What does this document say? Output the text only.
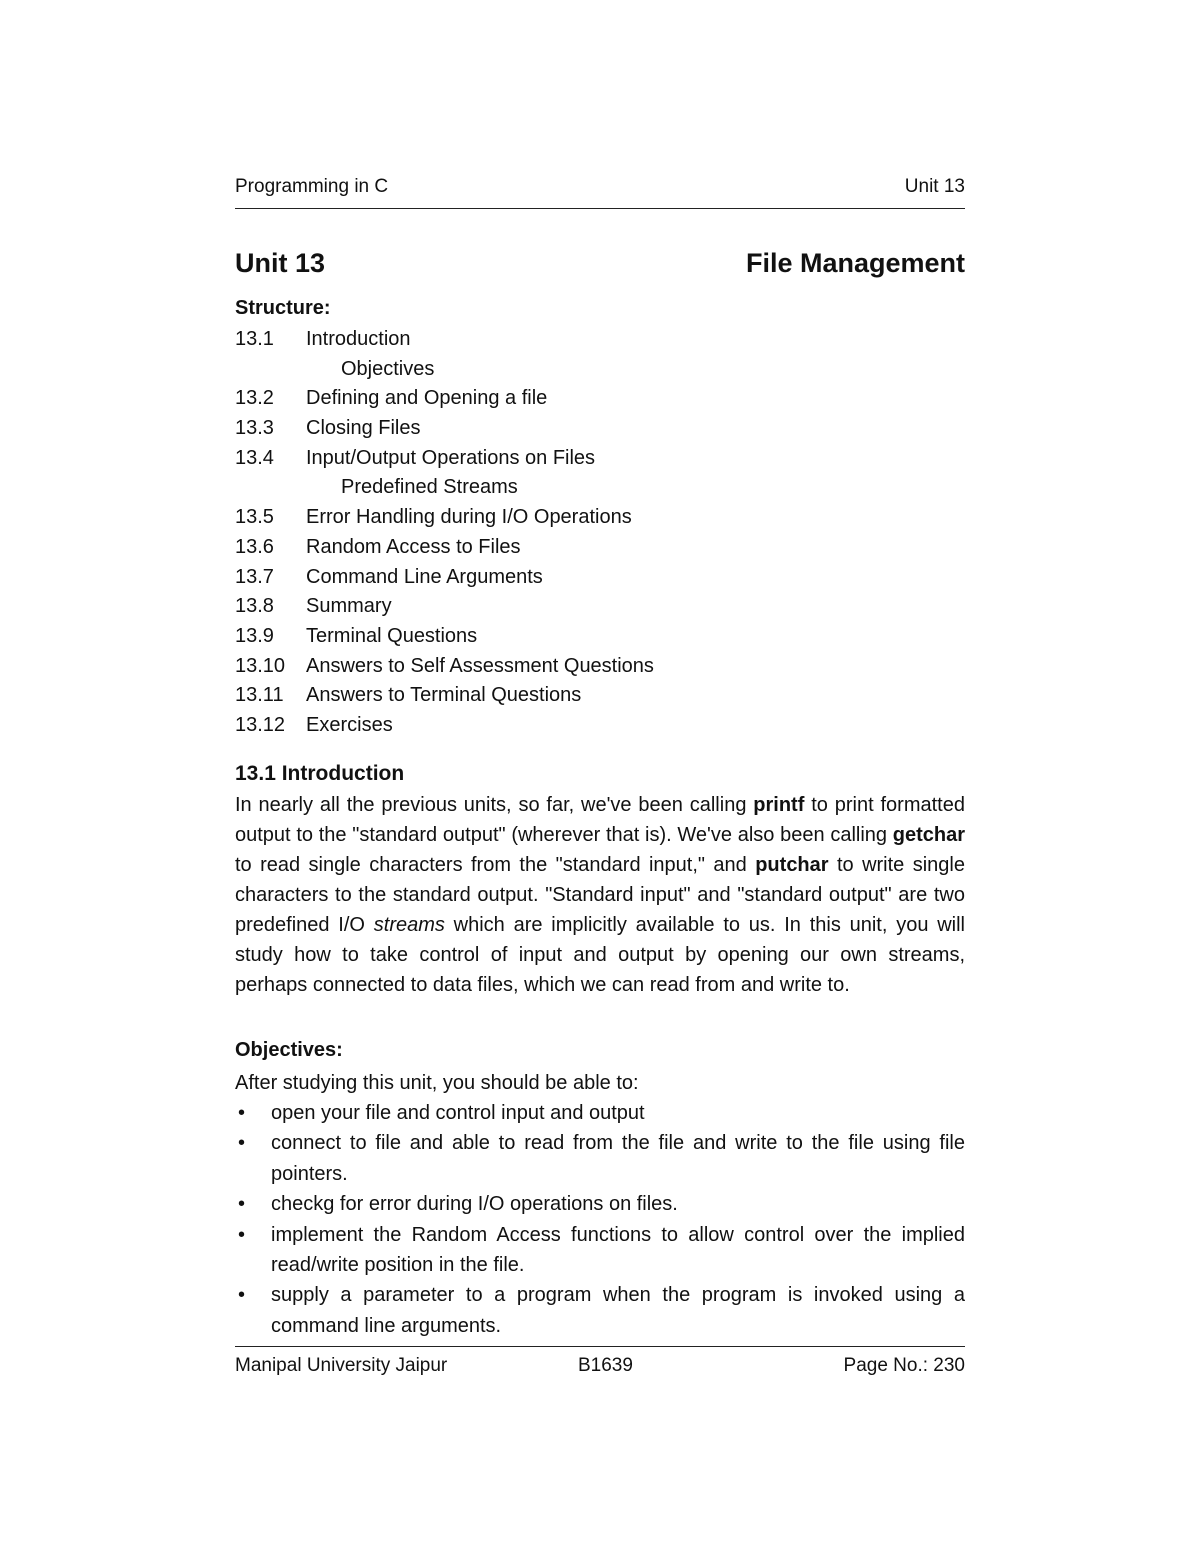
Programming in C	Unit 13
Unit 13	File Management
Structure:
13.1 Introduction
Objectives
13.2 Defining and Opening a file
13.3 Closing Files
13.4 Input/Output Operations on Files
Predefined Streams
13.5 Error Handling during I/O Operations
13.6 Random Access to Files
13.7 Command Line Arguments
13.8 Summary
13.9 Terminal Questions
13.10 Answers to Self Assessment Questions
13.11 Answers to Terminal Questions
13.12 Exercises
13.1 Introduction

In nearly all the previous units, so far, we've been calling printf to print formatted output to the "standard output" (wherever that is). We've also been calling getchar to read single characters from the "standard input," and putchar to write single characters to the standard output. "Standard input" and "standard output" are two predefined I/O streams which are implicitly available to us. In this unit, you will study how to take control of input and output by opening our own streams, perhaps connected to data files, which we can read from and write to.

Objectives:
After studying this unit, you should be able to:
• open your file and control input and output
• connect to file and able to read from the file and write to the file using file pointers.
• checkg for error during I/O operations on files.
• implement the Random Access functions to allow control over the implied read/write position in the file.
• supply a parameter to a program when the program is invoked using a command line arguments.
Manipal University Jaipur	B1639	Page No.: 230
